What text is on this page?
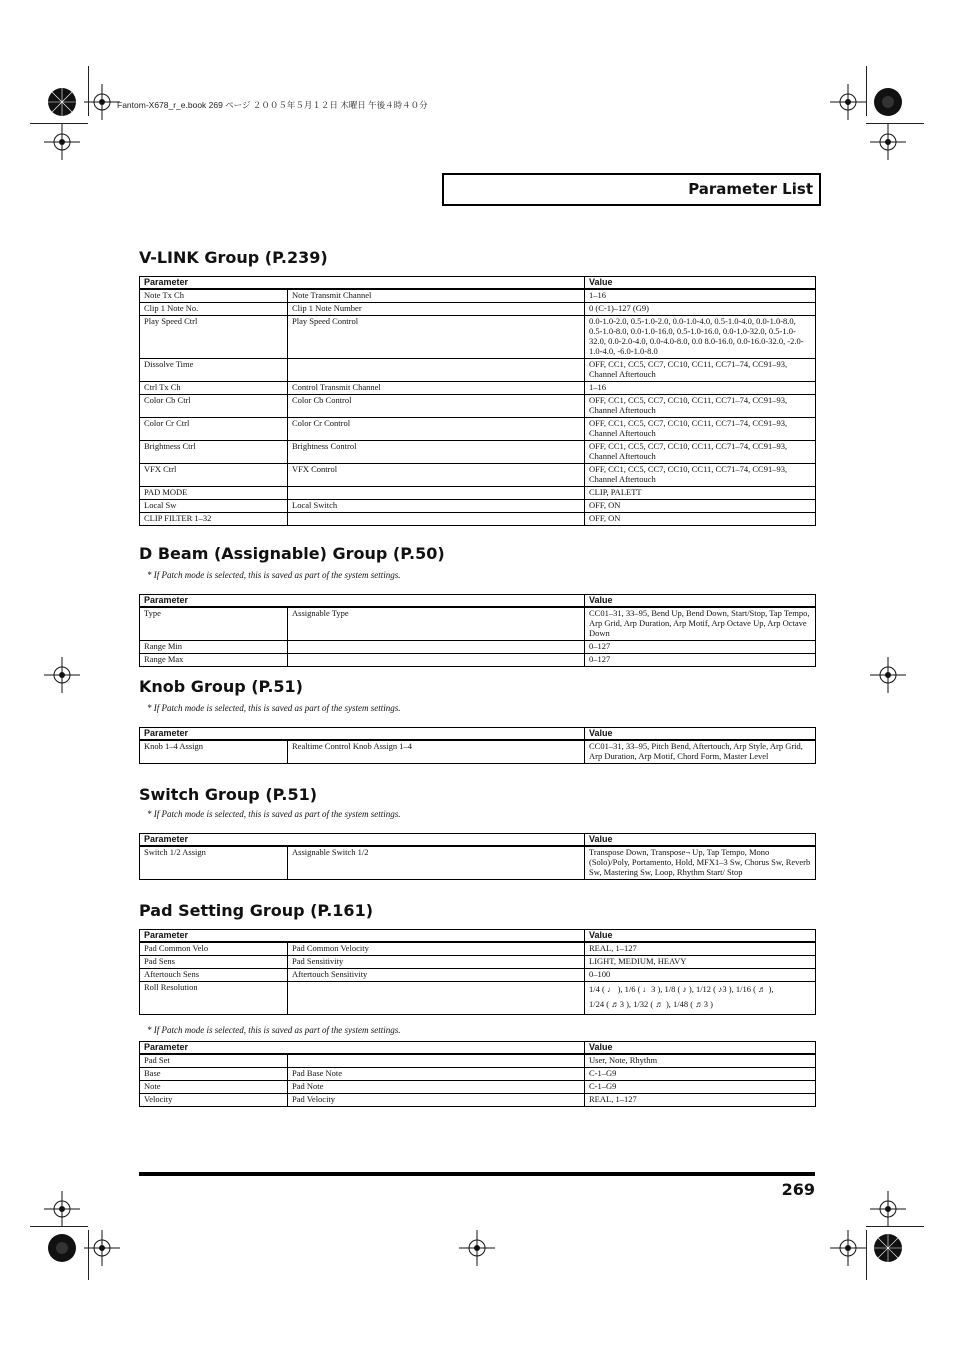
Fantom-X678_r_e.book 269 ページ ２００５年５月１２日 木曜日 午後４時４０分
Parameter List
V-LINK Group (P.239)
Parameter		Value
Note Tx Ch	Note Transmit Channel	1–16
Clip 1 Note No.	Clip 1 Note Number	0 (C-1)–127 (G9)
Play Speed Ctrl	Play Speed Control	0.0-1.0-2.0, 0.5-1.0-2.0, 0.0-1.0-4.0, 0.5-1.0-4.0, 0.0-1.0-8.0, 0.5-1.0-8.0, 0.0-1.0-16.0, 0.5-1.0-16.0, 0.0-1.0-32.0, 0.5-1.0-32.0, 0.0-2.0-4.0, 0.0-4.0-8.0, 0.0 8.0-16.0, 0.0-16.0-32.0, -2.0-1.0-4.0, -6.0-1.0-8.0
Dissolve Time		OFF, CC1, CC5, CC7, CC10, CC11, CC71–74, CC91–93, Channel Aftertouch
Ctrl Tx Ch	Control Transmit Channel	1–16
Color Cb Ctrl	Color Cb Control	OFF, CC1, CC5, CC7, CC10, CC11, CC71–74, CC91–93, Channel Aftertouch
Color Cr Ctrl	Color Cr Control	OFF, CC1, CC5, CC7, CC10, CC11, CC71–74, CC91–93, Channel Aftertouch
Brightness Ctrl	Brightness Control	OFF, CC1, CC5, CC7, CC10, CC11, CC71–74, CC91–93, Channel Aftertouch
VFX Ctrl	VFX Control	OFF, CC1, CC5, CC7, CC10, CC11, CC71–74, CC91–93, Channel Aftertouch
PAD MODE		CLIP, PALETT
Local Sw	Local Switch	OFF, ON
CLIP FILTER 1–32		OFF, ON
D Beam (Assignable) Group (P.50)
* If Patch mode is selected, this is saved as part of the system settings.
Parameter		Value
Type	Assignable Type	CC01–31, 33–95, Bend Up, Bend Down, Start/Stop, Tap Tempo, Arp Grid, Arp Duration, Arp Motif, Arp Octave Up, Arp Octave Down
Range Min		0–127
Range Max		0–127
Knob Group (P.51)
* If Patch mode is selected, this is saved as part of the system settings.
Parameter		Value
Knob 1–4 Assign	Realtime Control Knob Assign 1–4	CC01–31, 33–95, Pitch Bend, Aftertouch, Arp Style, Arp Grid, Arp Duration, Arp Motif, Chord Form, Master Level
Switch Group (P.51)
* If Patch mode is selected, this is saved as part of the system settings.
Parameter		Value
Switch 1/2 Assign	Assignable Switch 1/2	Transpose Down, Transpose¬ Up, Tap Tempo, Mono (Solo)/Poly, Portamento, Hold, MFX1–3 Sw, Chorus Sw, Reverb Sw, Mastering Sw, Loop, Rhythm Start/ Stop
Pad Setting Group (P.161)
Parameter		Value
Pad Common Velo	Pad Common Velocity	REAL, 1–127
Pad Sens	Pad Sensitivity	LIGHT, MEDIUM, HEAVY
Aftertouch Sens	Aftertouch Sensitivity	0–100
Roll Resolution		1/4 ( ♩ ), 1/6 ( ♩3 ), 1/8 ( ♪ ), 1/12 ( ♪3 ), 1/16 ( ♬ ),
1/24 ( ♬3 ), 1/32 ( ♬ ), 1/48 ( ♬3 )
* If Patch mode is selected, this is saved as part of the system settings.
Parameter		Value
Pad Set		User, Note, Rhythm
Base	Pad Base Note	C-1–G9
Note	Pad Note	C-1–G9
Velocity	Pad Velocity	REAL, 1–127
269
